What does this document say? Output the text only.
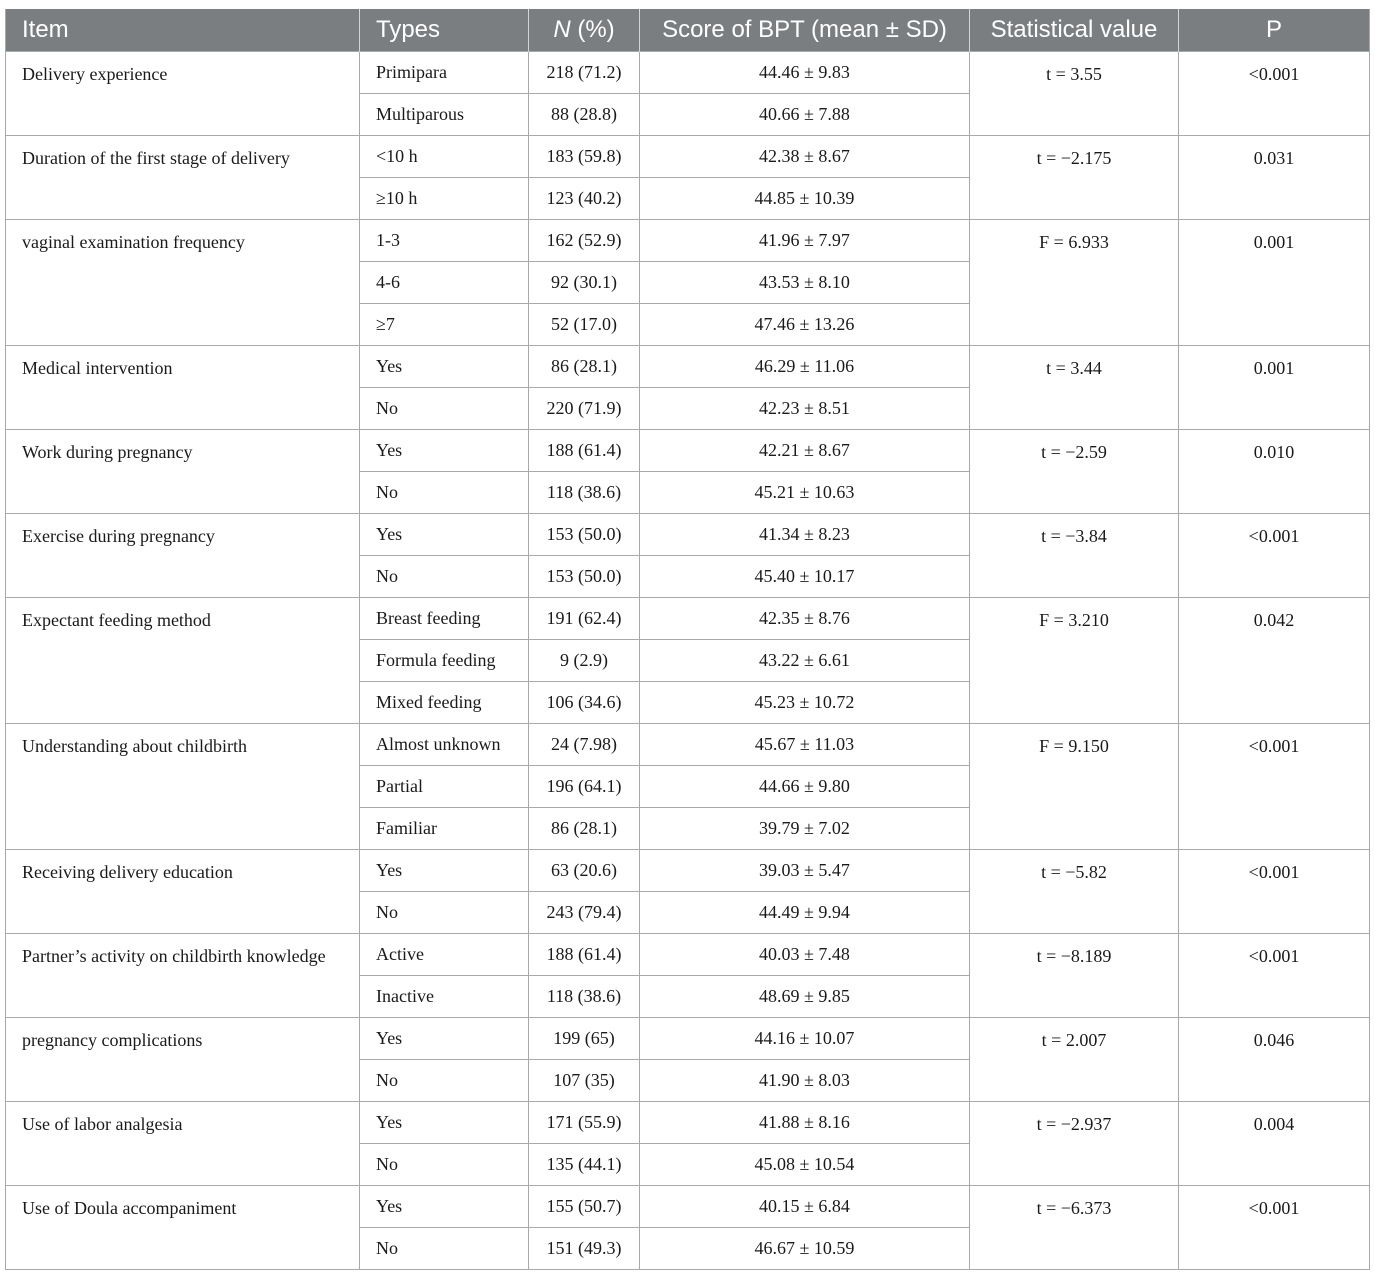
Item	Types	N (%)	Score of BPT (mean ± SD)	Statistical value	P
Delivery experience	Primipara	218 (71.2)	44.46 ± 9.83	t = 3.55	<0.001
	Multiparous	88 (28.8)	40.66 ± 7.88		
Duration of the first stage of delivery	<10 h	183 (59.8)	42.38 ± 8.67	t = −2.175	0.031
	≥10 h	123 (40.2)	44.85 ± 10.39		
vaginal examination frequency	1-3	162 (52.9)	41.96 ± 7.97	F = 6.933	0.001
	4-6	92 (30.1)	43.53 ± 8.10		
	≥7	52 (17.0)	47.46 ± 13.26		
Medical intervention	Yes	86 (28.1)	46.29 ± 11.06	t = 3.44	0.001
	No	220 (71.9)	42.23 ± 8.51		
Work during pregnancy	Yes	188 (61.4)	42.21 ± 8.67	t = −2.59	0.010
	No	118 (38.6)	45.21 ± 10.63		
Exercise during pregnancy	Yes	153 (50.0)	41.34 ± 8.23	t = −3.84	<0.001
	No	153 (50.0)	45.40 ± 10.17		
Expectant feeding method	Breast feeding	191 (62.4)	42.35 ± 8.76	F = 3.210	0.042
	Formula feeding	9 (2.9)	43.22 ± 6.61		
	Mixed feeding	106 (34.6)	45.23 ± 10.72		
Understanding about childbirth	Almost unknown	24 (7.98)	45.67 ± 11.03	F = 9.150	<0.001
	Partial	196 (64.1)	44.66 ± 9.80		
	Familiar	86 (28.1)	39.79 ± 7.02		
Receiving delivery education	Yes	63 (20.6)	39.03 ± 5.47	t = −5.82	<0.001
	No	243 (79.4)	44.49 ± 9.94		
Partner’s activity on childbirth knowledge	Active	188 (61.4)	40.03 ± 7.48	t = −8.189	<0.001
	Inactive	118 (38.6)	48.69 ± 9.85		
pregnancy complications	Yes	199 (65)	44.16 ± 10.07	t = 2.007	0.046
	No	107 (35)	41.90 ± 8.03		
Use of labor analgesia	Yes	171 (55.9)	41.88 ± 8.16	t = −2.937	0.004
	No	135 (44.1)	45.08 ± 10.54		
Use of Doula accompaniment	Yes	155 (50.7)	40.15 ± 6.84	t = −6.373	<0.001
	No	151 (49.3)	46.67 ± 10.59		
